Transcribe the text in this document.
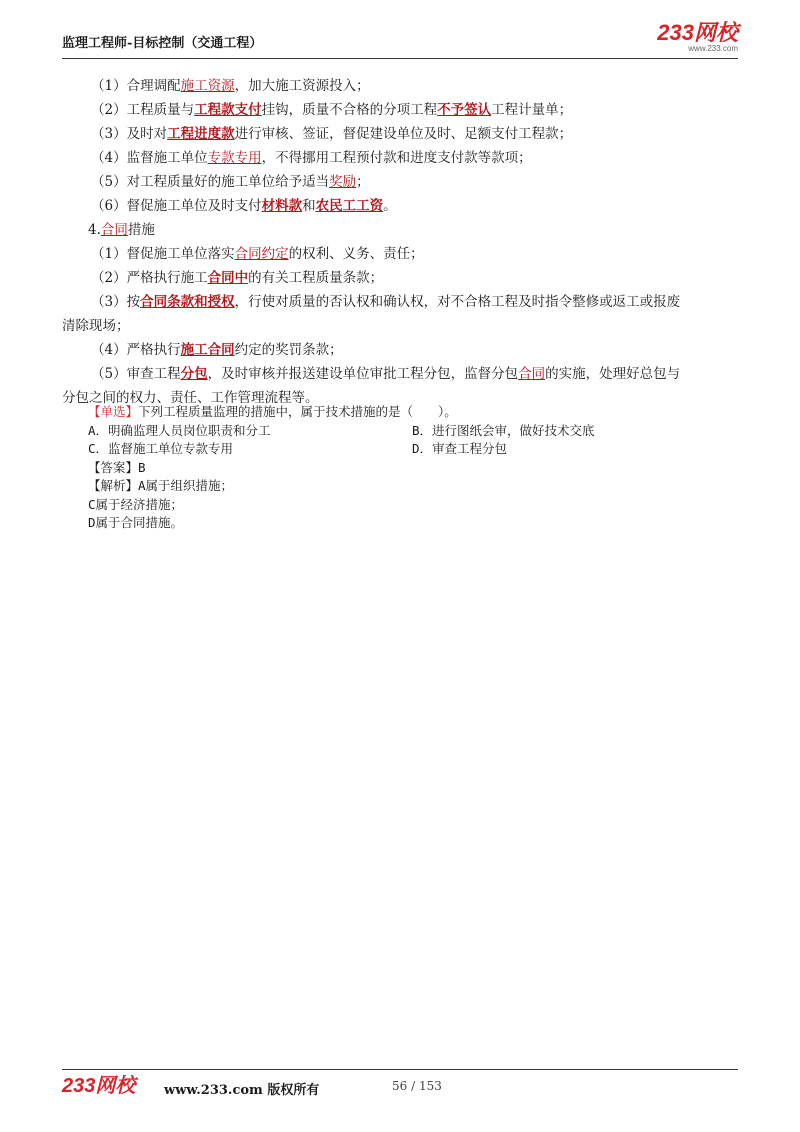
监理工程师-目标控制（交通工程）	233网校
www.233.com

（1）合理调配施工资源，加大施工资源投入；

（2）工程质量与工程款支付挂钩，质量不合格的分项工程不予签认工程计量单；

（3）及时对工程进度款进行审核、签证，督促建设单位及时、足额支付工程款；

（4）监督施工单位专款专用，不得挪用工程预付款和进度支付款等款项；

（5）对工程质量好的施工单位给予适当奖励；

（6）督促施工单位及时支付材料款和农民工工资。

4.合同措施

（1）督促施工单位落实合同约定的权利、义务、责任；

（2）严格执行施工合同中的有关工程质量条款；

（3）按合同条款和授权，行使对质量的否认权和确认权，对不合格工程及时指令整修或返工或报废

清除现场；

（4）严格执行施工合同约定的奖罚条款；

（5）审查工程分包，及时审核并报送建设单位审批工程分包，监督分包合同的实施，处理好总包与

分包之间的权力、责任、工作管理流程等。

【单选】下列工程质量监理的措施中，属于技术措施的是（　　）。
A．明确监理人员岗位职责和分工	B．进行图纸会审，做好技术交底
C．监督施工单位专款专用	D．审查工程分包
【答案】B
【解析】A属于组织措施；
C属于经济措施；
D属于合同措施。
233网校 www.233.com 版权所有	56 / 153
